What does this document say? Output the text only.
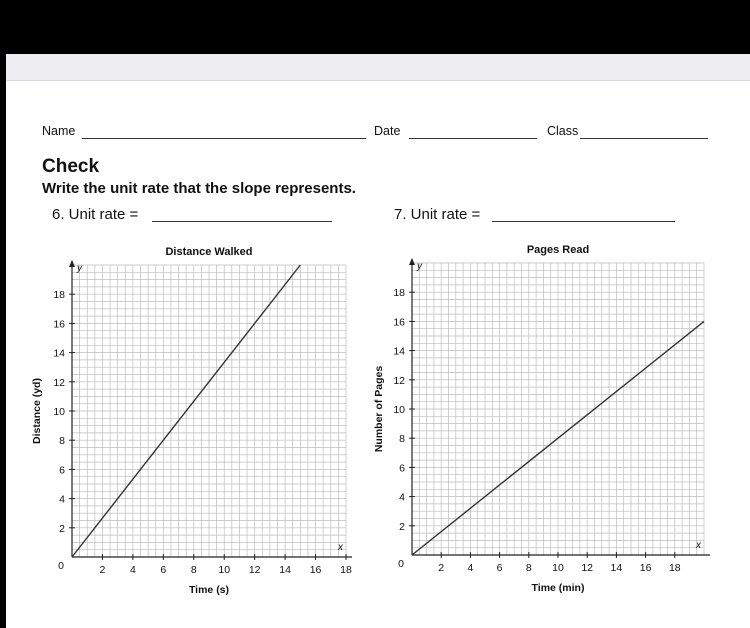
Name	Date	Class
Check
Write the unit rate that the slope represents.
6. Unit rate =	7. Unit rate =
y
x
2 4 6 8 10 12 14 16 18
2
4
6
8
10
12
14
16
18
0
Distance Walked
Time (s)
Distance (yd)
y
x
2 4 6 8 10 12 14 16 18
2
4
6
8
10
12
14
16
18
0
Pages Read
Time (min)
Number of Pages
